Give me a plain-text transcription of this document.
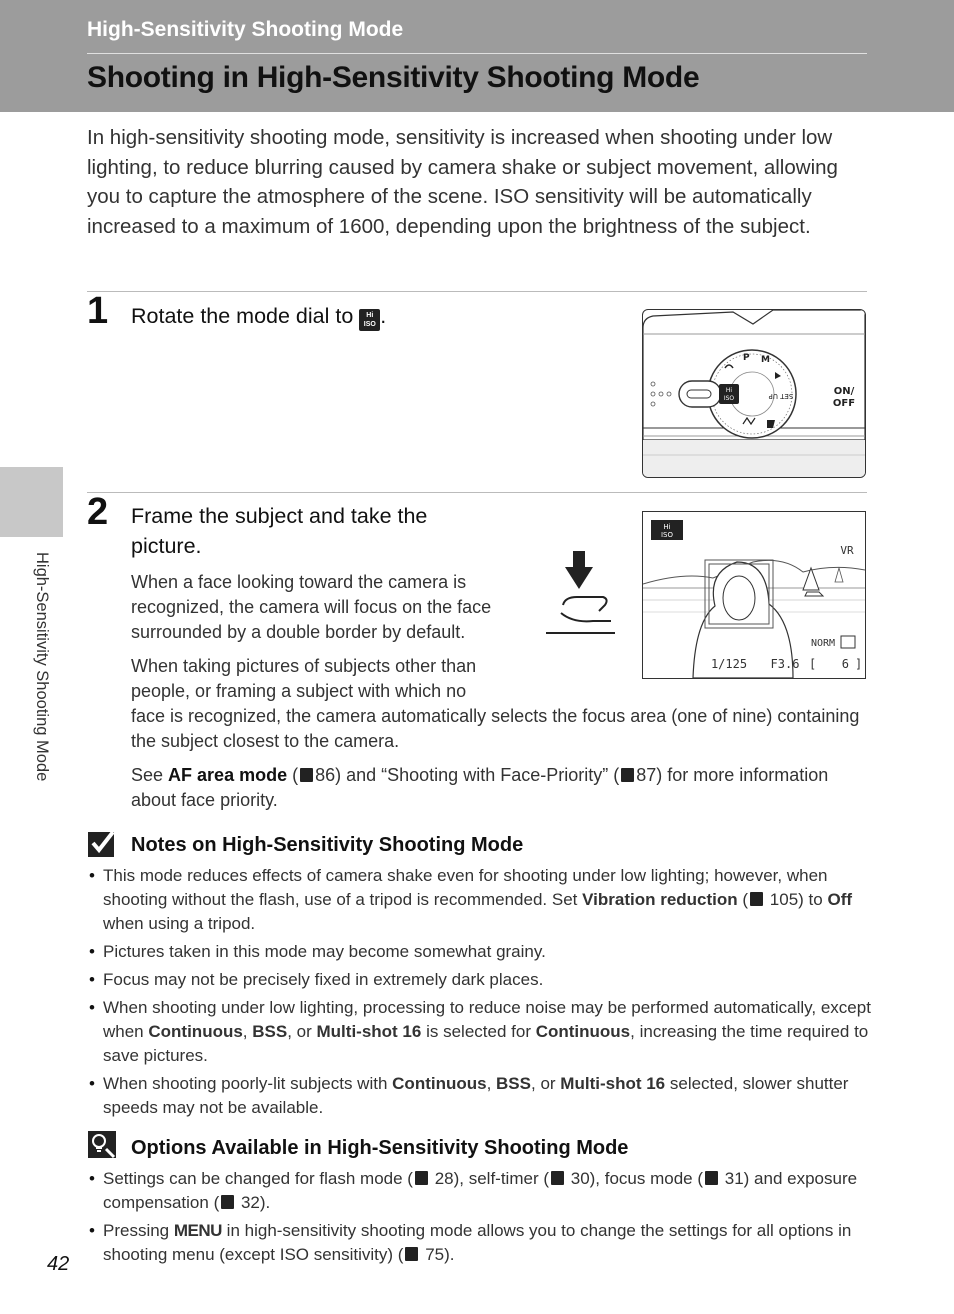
High-Sensitivity Shooting Mode
Shooting in High-Sensitivity Shooting Mode
In high-sensitivity shooting mode, sensitivity is increased when shooting under low lighting, to reduce blurring caused by camera shake or subject movement, allowing you to capture the atmosphere of the scene. ISO sensitivity will be automatically increased to a maximum of 1600, depending upon the brightness of the subject.
High-Sensitivity Shooting Mode
1 Rotate the mode dial to Hi
ISO .
Hi
ISO	SET UP
P M
ON/
OFF
2 Frame the subject and take the
picture.
When a face looking toward the camera is recognized, the camera will focus on the face surrounded by a double border by default.
When taking pictures of subjects other than
people, or framing a subject with which no
face is recognized, the camera automatically selects the focus area (one of nine) containing the subject closest to the camera.
See AF area mode ( 86) and “Shooting with Face-Priority” ( 87) for more information about face priority.
Hi
ISO
VR
NORM
1/125 F3.6 [ 6 ]
Notes on High-Sensitivity Shooting Mode
• This mode reduces effects of camera shake even for shooting under low lighting; however, when shooting without the flash, use of a tripod is recommended. Set Vibration reduction ( 105) to Off when using a tripod.
• Pictures taken in this mode may become somewhat grainy.
• Focus may not be precisely fixed in extremely dark places.
• When shooting under low lighting, processing to reduce noise may be performed automatically, except when Continuous, BSS, or Multi-shot 16 is selected for Continuous, increasing the time required to save pictures.
• When shooting poorly-lit subjects with Continuous, BSS, or Multi-shot 16 selected, slower shutter speeds may not be available.
Options Available in High-Sensitivity Shooting Mode
• Settings can be changed for flash mode ( 28), self-timer ( 30), focus mode ( 31) and exposure compensation ( 32).
• Pressing MENU in high-sensitivity shooting mode allows you to change the settings for all options in shooting menu (except ISO sensitivity) ( 75).
42
